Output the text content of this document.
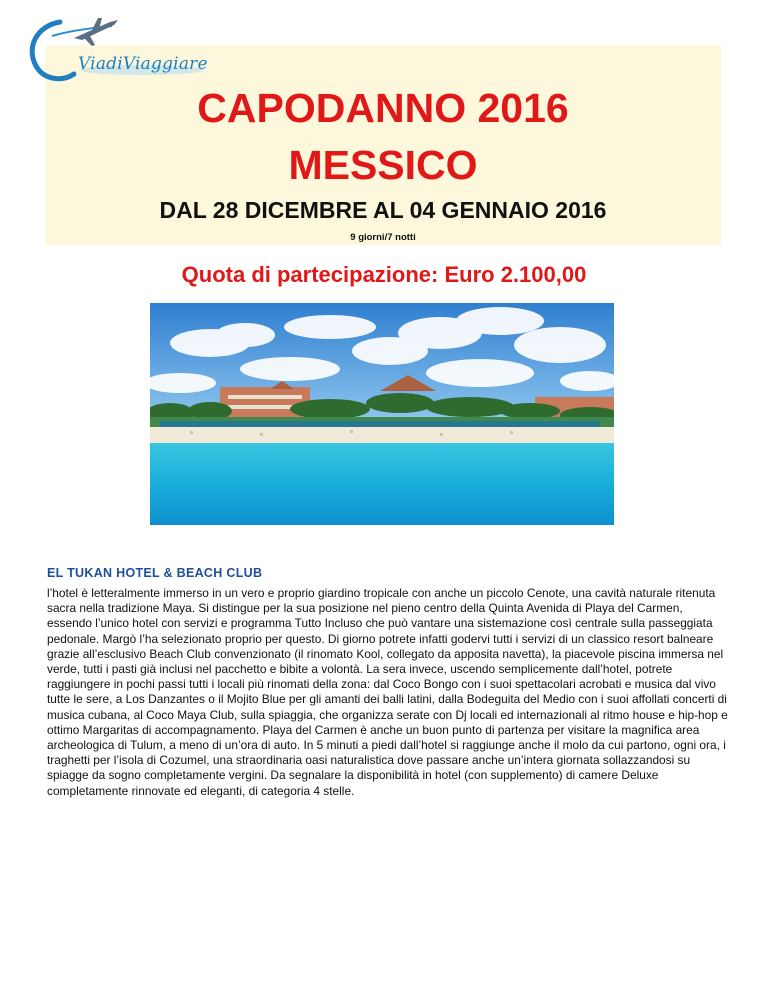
CAPODANNO 2016
MESSICO
DAL 28 DICEMBRE AL 04 GENNAIO 2016
9 giorni/7 notti
ViadiViaggiare
Quota di partecipazione: Euro 2.100,00
EL TUKAN HOTEL & BEACH CLUB
l’hotel è letteralmente immerso in un vero e proprio giardino tropicale con anche un piccolo Cenote, una cavità naturale ritenuta sacra nella tradizione Maya. Si distingue per la sua posizione nel pieno centro della Quinta Avenida di Playa del Carmen, essendo l’unico hotel con servizi e programma Tutto Incluso che può vantare una sistemazione così centrale sulla passeggiata pedonale. Margò l’ha selezionato proprio per questo. Di giorno potrete infatti godervi tutti i servizi di un classico resort balneare grazie all’esclusivo Beach Club convenzionato (il rinomato Kool, collegato da apposita navetta), la piacevole piscina immersa nel verde, tutti i pasti già inclusi nel pacchetto e bibite a volontà. La sera invece, uscendo semplicemente dall’hotel, potrete raggiungere in pochi passi tutti i locali più rinomati della zona: dal Coco Bongo con i suoi spettacolari acrobati e musica dal vivo tutte le sere, a Los Danzantes o il Mojito Blue per gli amanti dei balli latini, dalla Bodeguita del Medio con i suoi affollati concerti di musica cubana, al Coco Maya Club, sulla spiaggia, che organizza serate con Dj locali ed internazionali al ritmo house e hip-hop e ottimo Margaritas di accompagnamento. Playa del Carmen è anche un buon punto di partenza per visitare la magnifica area archeologica di Tulum, a meno di un’ora di auto. In 5 minuti a piedi dall’hotel si raggiunge anche il molo da cui partono, ogni ora, i traghetti per l’isola di Cozumel, una straordinaria oasi naturalistica dove passare anche un’intera giornata sollazzandosi su spiagge da sogno completamente vergini. Da segnalare la disponibilità in hotel (con supplemento) di camere Deluxe completamente rinnovate ed eleganti, di categoria 4 stelle.
